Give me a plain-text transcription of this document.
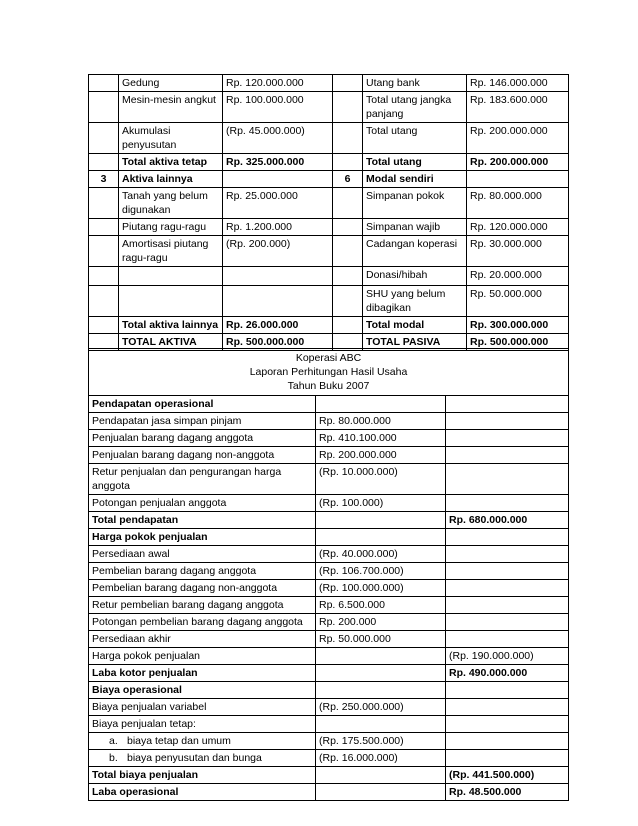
	Gedung	Rp. 120.000.000		Utang bank	Rp. 146.000.000
	Mesin-mesin angkut	Rp. 100.000.000		Total utang jangka panjang	Rp. 183.600.000
	Akumulasi penyusutan	(Rp. 45.000.000)		Total utang	Rp. 200.000.000
	Total aktiva tetap	Rp. 325.000.000		Total utang	Rp. 200.000.000
3	Aktiva lainnya		6	Modal sendiri	
	Tanah yang belum digunakan	Rp. 25.000.000		Simpanan pokok	Rp. 80.000.000
	Piutang ragu-ragu	Rp. 1.200.000		Simpanan wajib	Rp. 120.000.000
	Amortisasi piutang ragu-ragu	(Rp. 200.000)		Cadangan koperasi	Rp. 30.000.000
				Donasi/hibah	Rp. 20.000.000
				SHU yang belum dibagikan	Rp. 50.000.000
	Total aktiva lainnya	Rp. 26.000.000		Total modal	Rp. 300.000.000
	TOTAL AKTIVA	Rp. 500.000.000		TOTAL PASIVA	Rp. 500.000.000
Koperasi ABC
Laporan Perhitungan Hasil Usaha
Tahun Buku 2007		

Pendapatan operasional		
Pendapatan jasa simpan pinjam	Rp. 80.000.000	
Penjualan barang dagang anggota	Rp. 410.100.000	
Penjualan barang dagang non-anggota	Rp. 200.000.000	
Retur penjualan dan pengurangan harga anggota	(Rp. 10.000.000)	
Potongan penjualan anggota	(Rp. 100.000)	
Total pendapatan		Rp. 680.000.000
Harga pokok penjualan		
Persediaan awal	(Rp. 40.000.000)	
Pembelian barang dagang anggota	(Rp. 106.700.000)	
Pembelian barang dagang non-anggota	(Rp. 100.000.000)	
Retur pembelian barang dagang anggota	Rp. 6.500.000	
Potongan pembelian barang dagang anggota	Rp. 200.000	
Persediaan akhir	Rp. 50.000.000	
Harga pokok penjualan		(Rp. 190.000.000)
Laba kotor penjualan		Rp. 490.000.000
Biaya operasional		
Biaya penjualan variabel	(Rp. 250.000.000)	
Biaya penjualan tetap:		
a. biaya tetap dan umum	(Rp. 175.500.000)	
b. biaya penyusutan dan bunga	(Rp. 16.000.000)	
Total biaya penjualan		(Rp. 441.500.000)
Laba operasional		Rp. 48.500.000
